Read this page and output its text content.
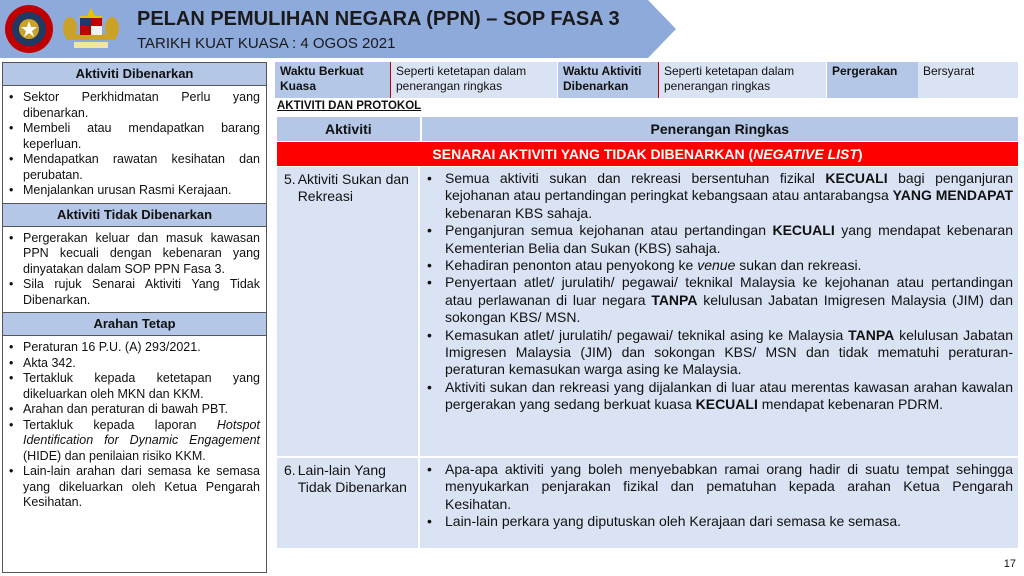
PELAN PEMULIHAN NEGARA (PPN) – SOP FASA 3
TARIKH KUAT KUASA : 4 OGOS 2021
Aktiviti Dibenarkan
• Sektor Perkhidmatan Perlu yang dibenarkan.
• Membeli atau mendapatkan barang keperluan.
• Mendapatkan rawatan kesihatan dan perubatan.
• Menjalankan urusan Rasmi Kerajaan.
Aktiviti Tidak Dibenarkan
• Pergerakan keluar dan masuk kawasan PPN kecuali dengan kebenaran yang dinyatakan dalam SOP PPN Fasa 3.
• Sila rujuk Senarai Aktiviti Yang Tidak Dibenarkan.
Arahan Tetap
• Peraturan 16 P.U. (A) 293/2021.
• Akta 342.
• Tertakluk kepada ketetapan yang dikeluarkan oleh MKN dan KKM.
• Arahan dan peraturan di bawah PBT.
• Tertakluk kepada laporan Hotspot Identification for Dynamic Engagement (HIDE) dan penilaian risiko KKM.
• Lain-lain arahan dari semasa ke semasa yang dikeluarkan oleh Ketua Pengarah Kesihatan.
Waktu Berkuat Kuasa
Seperti ketetapan dalam penerangan ringkas
Waktu Aktiviti Dibenarkan
Seperti ketetapan dalam penerangan ringkas
Pergerakan	Bersyarat
AKTIVITI DAN PROTOKOL
Aktiviti	Penerangan Ringkas
SENARAI AKTIVITI YANG TIDAK DIBENARKAN (NEGATIVE LIST)
5. Aktiviti Sukan dan Rekreasi
• Semua aktiviti sukan dan rekreasi bersentuhan fizikal KECUALI bagi penganjuran kejohanan atau pertandingan peringkat kebangsaan atau antarabangsa YANG MENDAPAT kebenaran KBS sahaja.
• Penganjuran semua kejohanan atau pertandingan KECUALI yang mendapat kebenaran Kementerian Belia dan Sukan (KBS) sahaja.
• Kehadiran penonton atau penyokong ke venue sukan dan rekreasi.
• Penyertaan atlet/ jurulatih/ pegawai/ teknikal Malaysia ke kejohanan atau pertandingan atau perlawanan di luar negara TANPA kelulusan Jabatan Imigresen Malaysia (JIM) dan sokongan KBS/ MSN.
• Kemasukan atlet/ jurulatih/ pegawai/ teknikal asing ke Malaysia TANPA kelulusan Jabatan Imigresen Malaysia (JIM) dan sokongan KBS/ MSN dan tidak mematuhi peraturan-peraturan kemasukan warga asing ke Malaysia.
• Aktiviti sukan dan rekreasi yang dijalankan di luar atau merentas kawasan arahan kawalan pergerakan yang sedang berkuat kuasa KECUALI mendapat kebenaran PDRM.
6. Lain-lain Yang Tidak Dibenarkan
• Apa-apa aktiviti yang boleh menyebabkan ramai orang hadir di suatu tempat sehingga menyukarkan penjarakan fizikal dan pematuhan kepada arahan Ketua Pengarah Kesihatan.
• Lain-lain perkara yang diputuskan oleh Kerajaan dari semasa ke semasa.
17
